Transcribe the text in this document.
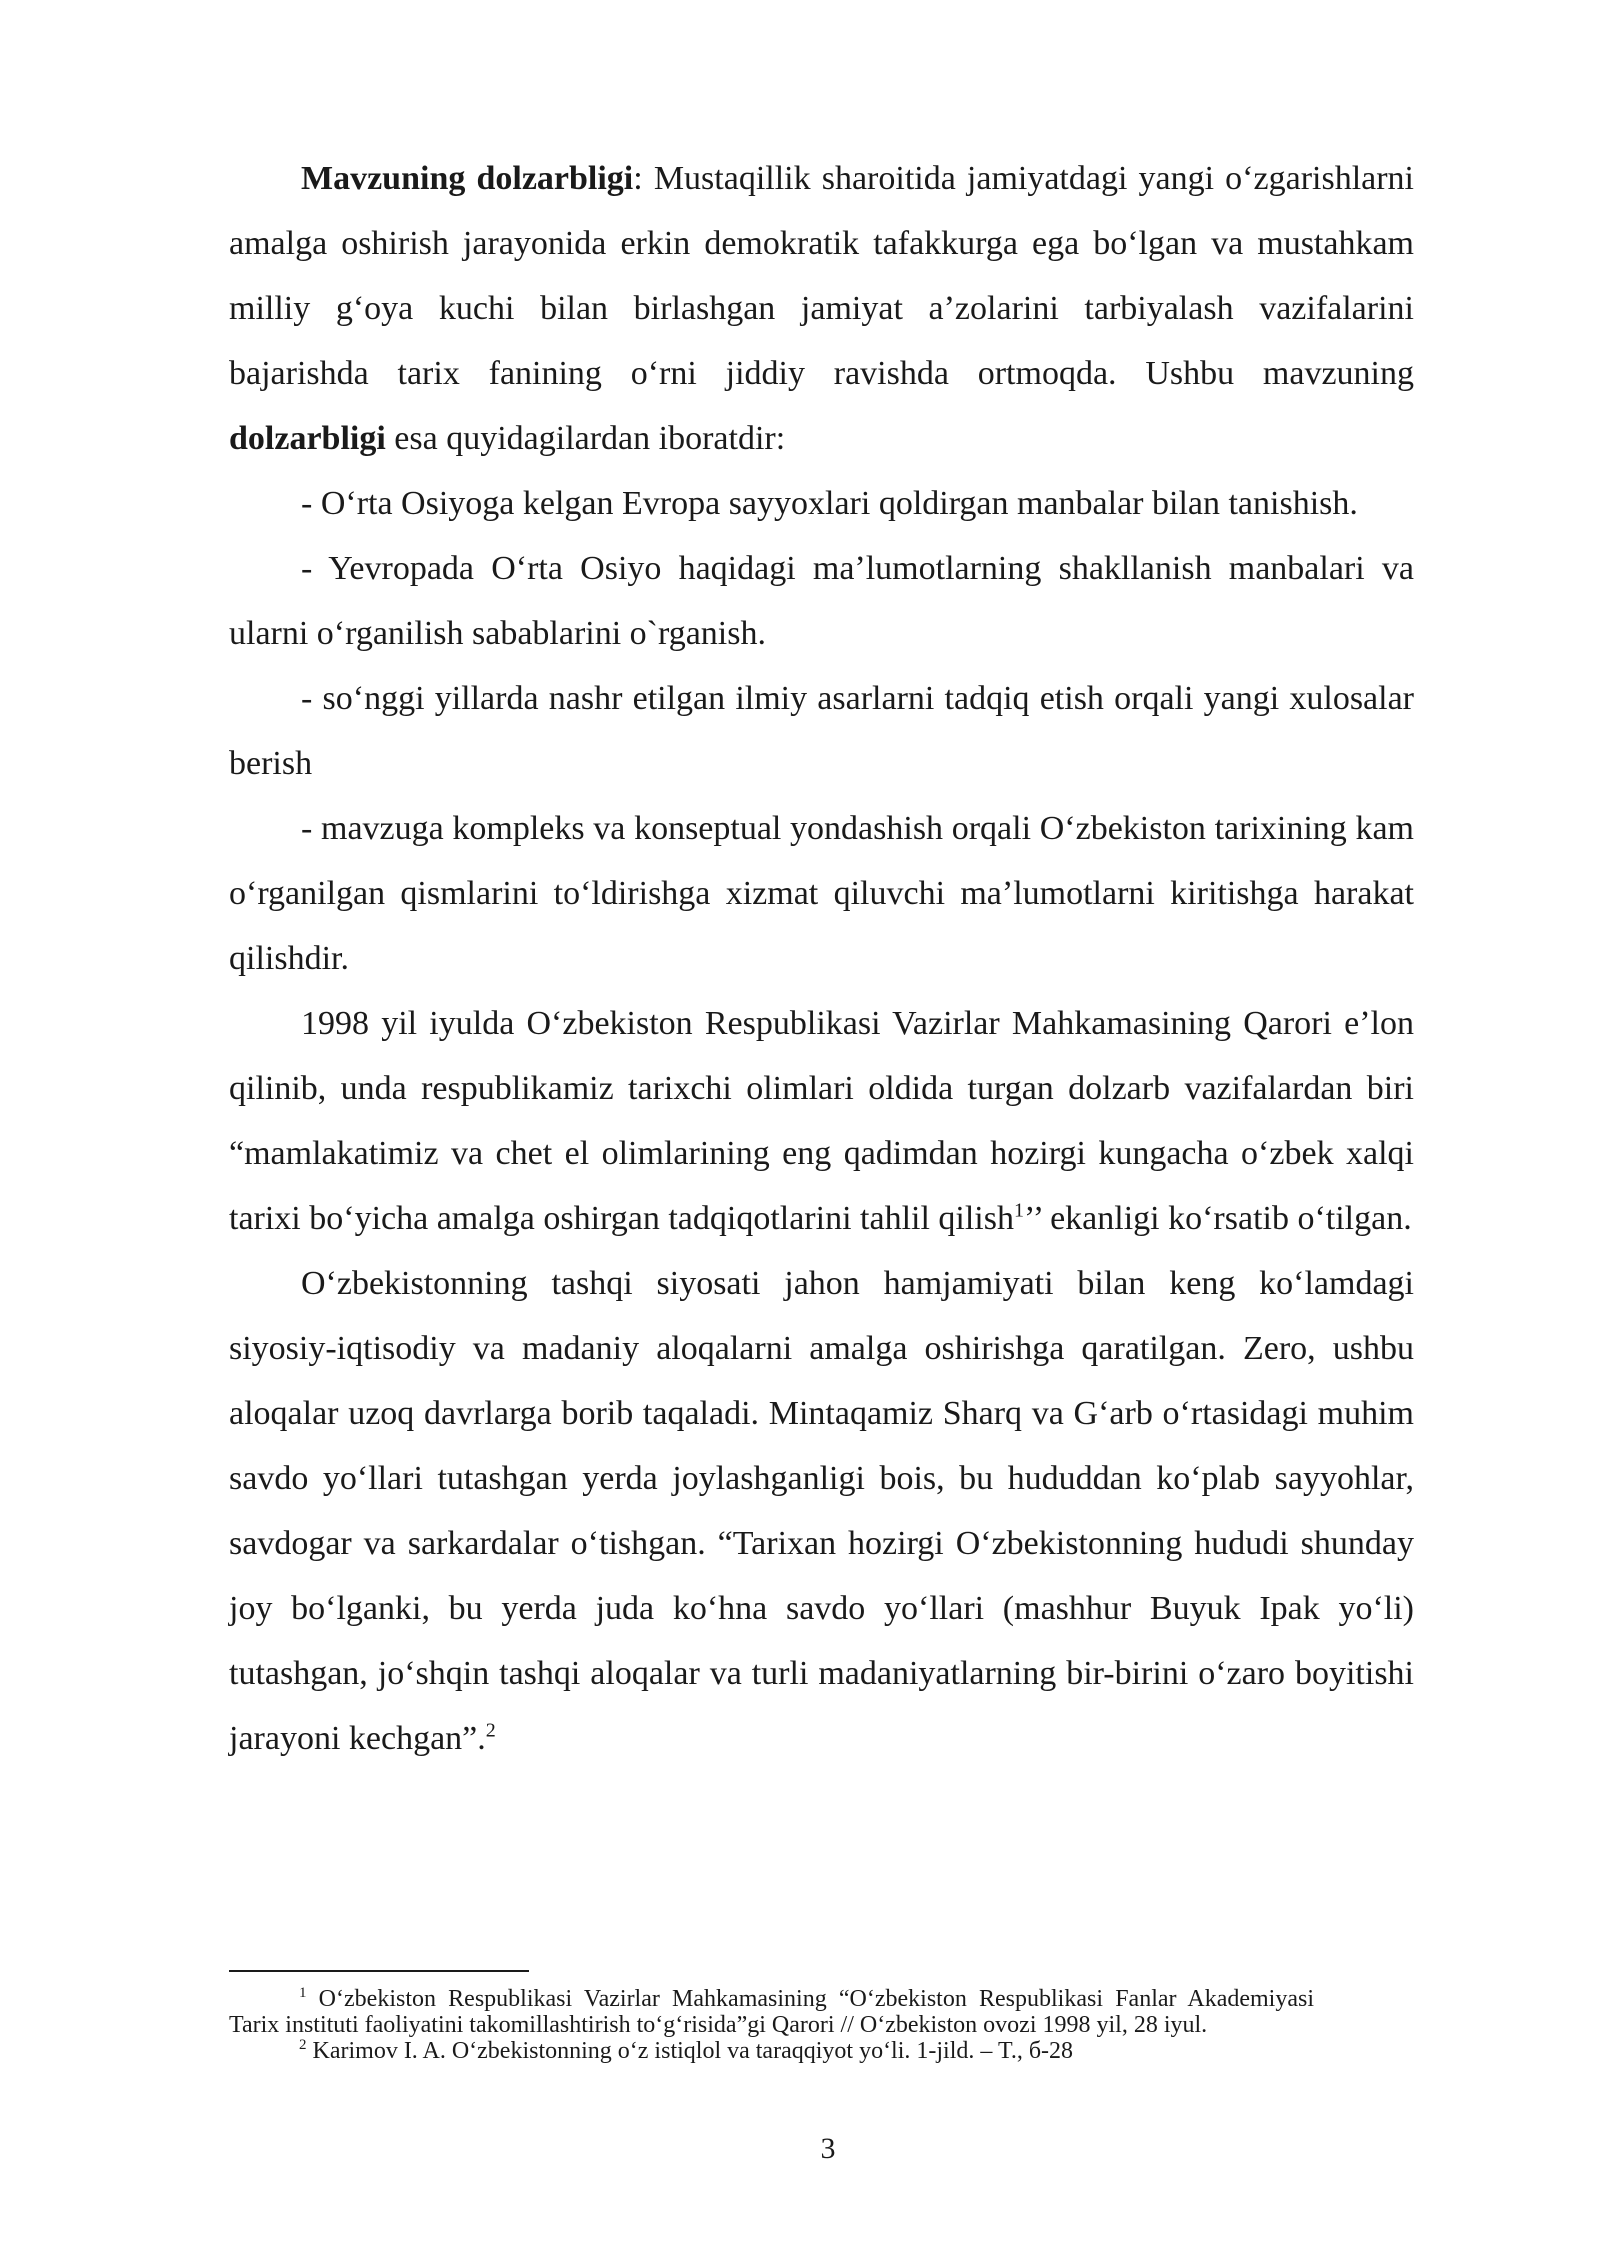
Mavzuning dolzarbligi: Mustaqillik sharoitida jamiyatdagi yangi oʻzgarishlarni amalga oshirish jarayonida erkin demokratik tafakkurga ega boʻlgan va mustahkam milliy gʻoya kuchi bilan birlashgan jamiyat aʼzolarini tarbiyalash vazifalarini bajarishda tarix fanining oʻrni jiddiy ravishda ortmoqda. Ushbu mavzuning dolzarbligi esa quyidagilardan iboratdir:

- Oʻrta Osiyoga kelgan Evropa sayyoxlari qoldirgan manbalar bilan tanishish.

- Yevropada Oʻrta Osiyo haqidagi maʼlumotlarning shakllanish manbalari va ularni oʻrganilish sabablarini o`rganish.

- soʻnggi yillarda nashr etilgan ilmiy asarlarni tadqiq etish orqali yangi xulosalar berish

- mavzuga kompleks va konseptual yondashish orqali Oʻzbekiston tarixining kam oʻrganilgan qismlarini toʻldirishga xizmat qiluvchi maʼlumotlarni kiritishga harakat qilishdir.

1998 yil iyulda Oʻzbekiston Respublikasi Vazirlar Mahkamasining Qarori eʼlon qilinib, unda respublikamiz tarixchi olimlari oldida turgan dolzarb vazifalardan biri “mamlakatimiz va chet el olimlarining eng qadimdan hozirgi kungacha oʻzbek xalqi tarixi boʻyicha amalga oshirgan tadqiqotlarini tahlil qilish$^1$’’ ekanligi koʻrsatib oʻtilgan.

Oʻzbekistonning tashqi siyosati jahon hamjamiyati bilan keng koʻlamdagi siyosiy-iqtisodiy va madaniy aloqalarni amalga oshirishga qaratilgan. Zero, ushbu aloqalar uzoq davrlarga borib taqaladi. Mintaqamiz Sharq va Gʻarb oʻrtasidagi muhim savdo yoʻllari tutashgan yerda joylashganligi bois, bu hududdan koʻplab sayyohlar, savdogar va sarkardalar oʻtishgan. “Tarixan hozirgi Oʻzbekistonning hududi shunday joy boʻlganki, bu yerda juda koʻhna savdo yoʻllari (mashhur Buyuk Ipak yoʻli) tutashgan, joʻshqin tashqi aloqalar va turli madaniyatlarning bir-birini oʻzaro boyitishi jarayoni kechgan”.$^2$

$^1$ Oʻzbekiston Respublikasi Vazirlar Mahkamasining “Oʻzbekiston Respublikasi Fanlar Akademiyasi Tarix instituti faoliyatini takomillashtirish toʻgʻrisida”gi Qarori // Oʻzbekiston ovozi 1998 yil, 28 iyul.

$^2$ Karimov I. A. Oʻzbekistonning oʻz istiqlol va taraqqiyot yoʻli. 1-jild. – T., б-28

3
